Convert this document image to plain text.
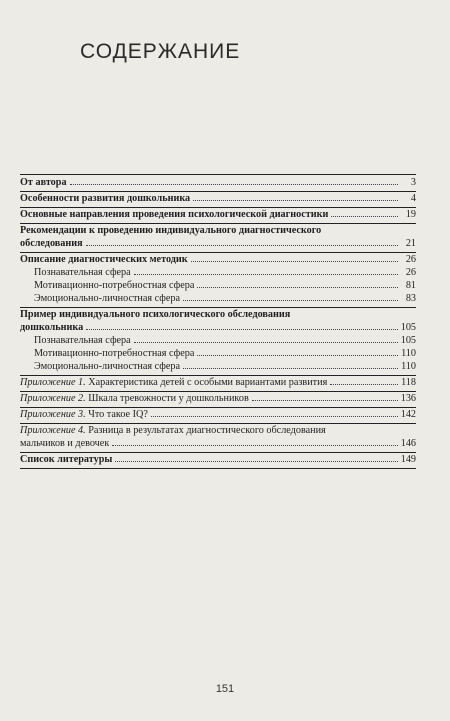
СОДЕРЖАНИЕ
От автора	3
Особенности развития дошкольника	4
Основные направления проведения психологической диагностики	19
Рекомендации к проведению индивидуального диагностического
обследования	21
Описание диагностических методик	26
Познавательная сфера	26
Мотивационно-потребностная сфера	81
Эмоционально-личностная сфера	83
Пример индивидуального психологического обследования
дошкольника	105
Познавательная сфера	105
Мотивационно-потребностная сфера	110
Эмоционально-личностная сфера	110
Приложение 1. Характеристика детей с особыми вариантами развития	118
Приложение 2. Шкала тревожности у дошкольников	136
Приложение 3. Что такое IQ?	142
Приложение 4. Разница в результатах диагностического обследования
мальчиков и девочек	146
Список литературы	149
151
